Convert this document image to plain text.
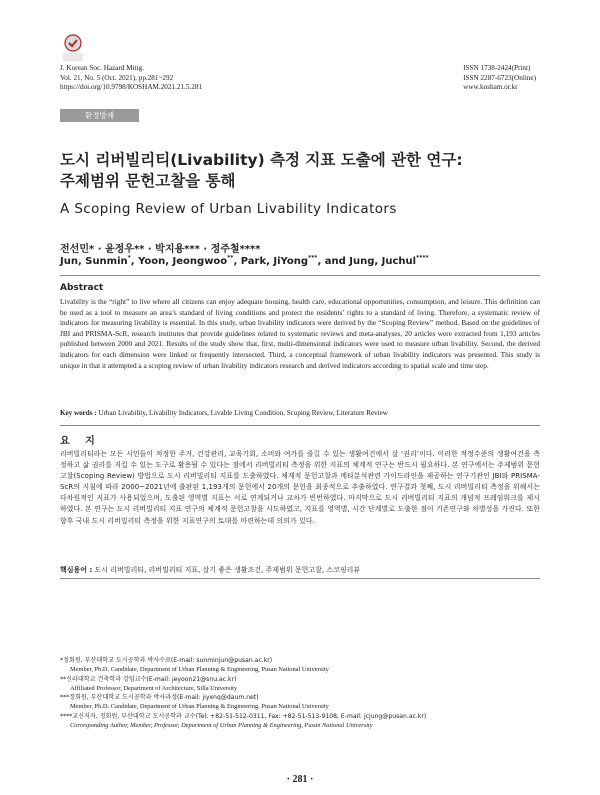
J. Korean Soc. Hazard Mitig.
Vol. 21, No. 5 (Oct. 2021), pp.281~292
https://doi.org/10.9798/KOSHAM.2021.21.5.281
ISSN 1738-2424(Print)
ISSN 2287-6723(Online)
www.kosham.or.kr
환경방재
도시 리버빌리티(Livability) 측정 지표 도출에 관한 연구:
주제범위 문헌고찰을 통해
A Scoping Review of Urban Livability Indicators
전선민* · 윤정우** · 박지용*** · 정주철****
Jun, Sunmin*, Yoon, Jeongwoo**, Park, JiYong***, and Jung, Juchul****
Abstract
Livability is the “right” to live where all citizens can enjoy adequate housing, health care, educational opportunities, consumption, and leisure. This definition can be used as a tool to measure an area’s standard of living conditions and protect the residents’ rights to a standard of living. Therefore, a systematic review of indicators for measuring livability is essential. In this study, urban livability indicators were derived by the “Scoping Review” method. Based on the guidelines of JBI and PRISMA-ScR, research institutes that provide guidelines related to systematic reviews and meta-analyses, 20 articles were extracted from 1,193 articles published between 2000 and 2021. Results of the study show that, first, multi-dimensional indicators were used to measure urban livability. Second, the derived indicators for each dimension were linked or frequently intersected. Third, a conceptual framework of urban livability indicators was presented. This study is unique in that it attempted a a scoping review of urban livability indicators research and derived indicators according to spatial scale and time step.
Key words : Urban Livability, Livability Indicators, Livable Living Condition, Scoping Review, Literature Review
요 지
리버빌리티라는 모든 시민들이 적정한 주거, 건강관리, 교육기회, 소비와 여가를 즐길 수 있는 생활여건에서 살 ‘권리’이다. 이러한 적정수준의 생활여건을 측정하고 삶 권리를 지킬 수 있는 도구로 활용될 수 있다는 점에서 리버빌리티 측정을 위한 지표의 체계적 연구는 반드시 필요하다. 본 연구에서는 주제범위 문헌고찰(Scoping Review) 방법으로 도시 리버빌리티 지표를 도출하였다. 체계적 문헌고찰과 메타분석관련 가이드라인을 제공하는 연구기관인 JBI와 PRISMA-ScR의 지침에 따라 2000~2021년에 출판된 1,193개의 문헌에서 20개의 문헌을 최종적으로 추출하였다. 연구결과 첫째, 도시 리버빌리티 측정을 위해서는 다차원적인 지표가 사용되었으며, 도출된 영역별 지표는 서로 연계되거나 교차가 빈번하였다. 마지막으로 도시 리버빌리티 지표의 개념적 프레임워크를 제시하였다. 본 연구는 도시 리버빌리티 지표 연구의 체계적 문헌고찰을 시도하였고, 지표를 영역별, 시간 단계별로 도출한 점이 기존연구와 차별성을 가진다. 또한 향후 국내 도시 리버빌리티 측정을 위한 지표연구의 토대를 마련하는데 의의가 있다.
핵심용어 : 도시 리버빌리티, 리버빌리티 지표, 살기 좋은 생활조건, 주제범위 문헌고찰, 스코핑리뷰
*정회원, 부산대학교 도시공학과 박사수료(E-mail: sunminjun@pusan.ac.kr)
Member, Ph.D. Candidate, Department of Urban Planning & Engineering, Pusan National University
**신라대학교 건축학과 강임교수(E-mail: jeyoon21@snu.ac.kr)
Affiliated Professor, Department of Architecture, Silla University
***정회원, 부산대학교 도시공학과 박사과정(E-mail: jiyxnq@daum.net)
Member, Ph.D. Candidate, Department of Urban Planning & Engineering, Pusan National University
****교신저자, 정회원, 부산대학교 도시공학과 교수(Tel: +82-51-512-0311, Fax: +82-51-513-9108, E-mail: jcjung@pusan.ac.kr)
Corresponding Author, Member, Professor, Department of Urban Planning & Engineering, Pusan National University
· 281 ·
